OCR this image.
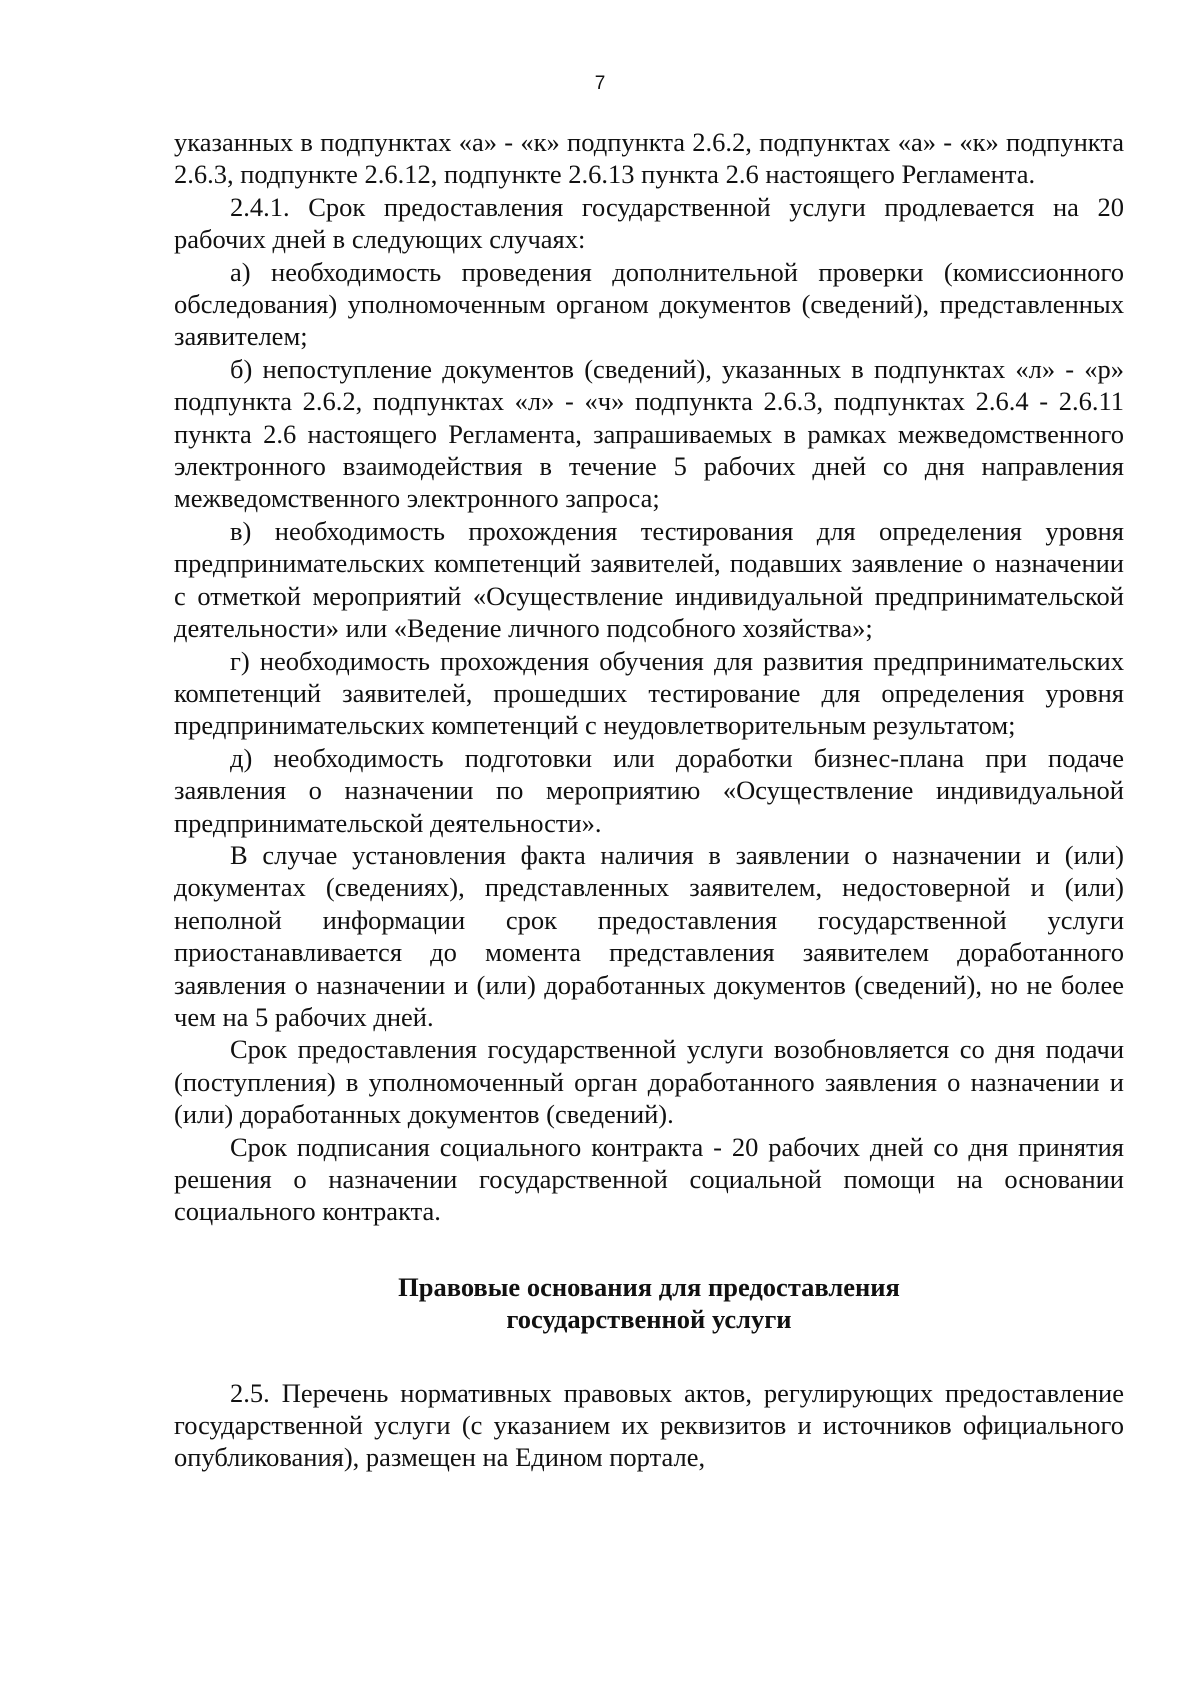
7

указанных в подпунктах «а» - «к» подпункта 2.6.2, подпунктах «а» - «к» подпункта 2.6.3, подпункте 2.6.12, подпункте 2.6.13 пункта 2.6 настоящего Регламента.

2.4.1. Срок предоставления государственной услуги продлевается на 20 рабочих дней в следующих случаях:

а) необходимость проведения дополнительной проверки (комиссионного обследования) уполномоченным органом документов (сведений), представленных заявителем;

б) непоступление документов (сведений), указанных в подпунктах «л» - «р» подпункта 2.6.2, подпунктах «л» - «ч» подпункта 2.6.3, подпунктах 2.6.4 - 2.6.11 пункта 2.6 настоящего Регламента, запрашиваемых в рамках межведомственного электронного взаимодействия в течение 5 рабочих дней со дня направления межведомственного электронного запроса;

в) необходимость прохождения тестирования для определения уровня предпринимательских компетенций заявителей, подавших заявление о назначении с отметкой мероприятий «Осуществление индивидуальной предпринимательской деятельности» или «Ведение личного подсобного хозяйства»;

г) необходимость прохождения обучения для развития предпринимательских компетенций заявителей, прошедших тестирование для определения уровня предпринимательских компетенций с неудовлетворительным результатом;

д) необходимость подготовки или доработки бизнес-плана при подаче заявления о назначении по мероприятию «Осуществление индивидуальной предпринимательской деятельности».

В случае установления факта наличия в заявлении о назначении и (или) документах (сведениях), представленных заявителем, недостоверной и (или) неполной информации срок предоставления государственной услуги приостанавливается до момента представления заявителем доработанного заявления о назначении и (или) доработанных документов (сведений), но не более чем на 5 рабочих дней.

Срок предоставления государственной услуги возобновляется со дня подачи (поступления) в уполномоченный орган доработанного заявления о назначении и (или) доработанных документов (сведений).

Срок подписания социального контракта - 20 рабочих дней со дня принятия решения о назначении государственной социальной помощи на основании социального контракта.

Правовые основания для предоставления
государственной услуги

2.5. Перечень нормативных правовых актов, регулирующих предоставление государственной услуги (с указанием их реквизитов и источников официального опубликования), размещен на Едином портале,
